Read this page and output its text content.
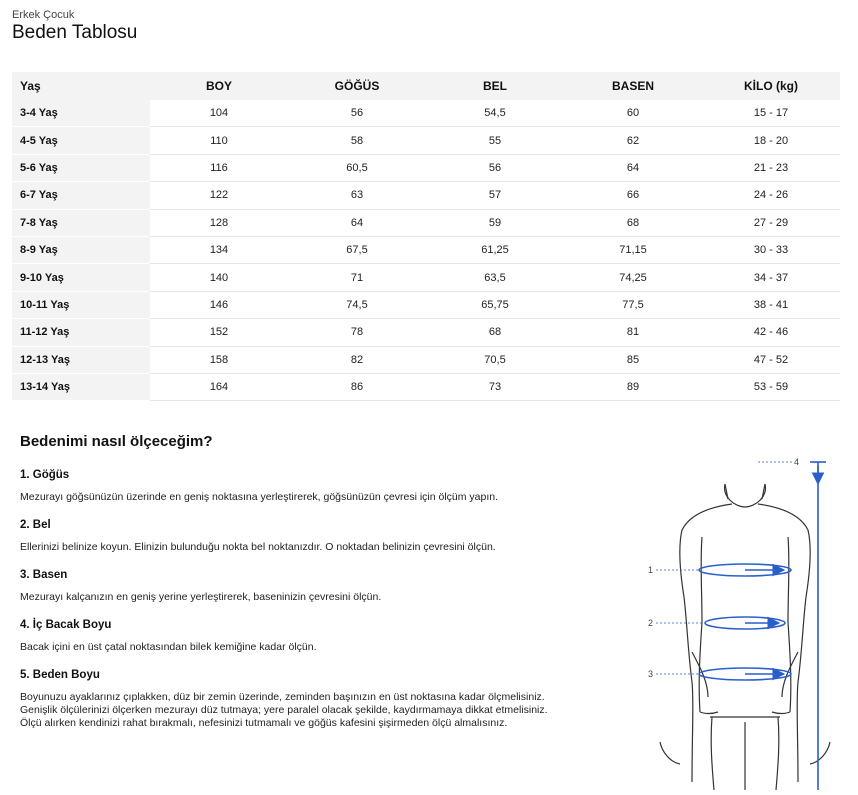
Erkek Çocuk
Beden Tablosu
Yaş	BOY	GÖĞÜS	BEL	BASEN	KİLO (kg)
3-4 Yaş	104	56	54,5	60	15 - 17
4-5 Yaş	110	58	55	62	18 - 20
5-6 Yaş	116	60,5	56	64	21 - 23
6-7 Yaş	122	63	57	66	24 - 26
7-8 Yaş	128	64	59	68	27 - 29
8-9 Yaş	134	67,5	61,25	71,15	30 - 33
9-10 Yaş	140	71	63,5	74,25	34 - 37
10-11 Yaş	146	74,5	65,75	77,5	38 - 41
11-12 Yaş	152	78	68	81	42 - 46
12-13 Yaş	158	82	70,5	85	47 - 52
13-14 Yaş	164	86	73	89	53 - 59
Bedenimi nasıl ölçeceğim?
1. Göğüs

Mezurayı göğsünüzün üzerinde en geniş noktasına yerleştirerek, göğsünüzün çevresi için ölçüm yapın.

2. Bel

Ellerinizi belinize koyun. Elinizin bulunduğu nokta bel noktanızdır. O noktadan belinizin çevresini ölçün.

3. Basen

Mezurayı kalçanızın en geniş yerine yerleştirerek, baseninizin çevresini ölçün.

4. İç Bacak Boyu

Bacak içini en üst çatal noktasından bilek kemiğine kadar ölçün.

5. Beden Boyu

Boyunuzu ayaklarınız çıplakken, düz bir zemin üzerinde, zeminden başınızın en üst noktasına kadar ölçmelisiniz. Genişlik ölçülerinizi ölçerken mezurayı düz tutmaya; yere paralel olacak şekilde, kaydırmamaya dikkat etmelisiniz. Ölçü alırken kendinizi rahat bırakmalı, nefesinizi tutmamalı ve göğüs kafesini şişirmeden ölçü almalısınız.

1
2
3
4
